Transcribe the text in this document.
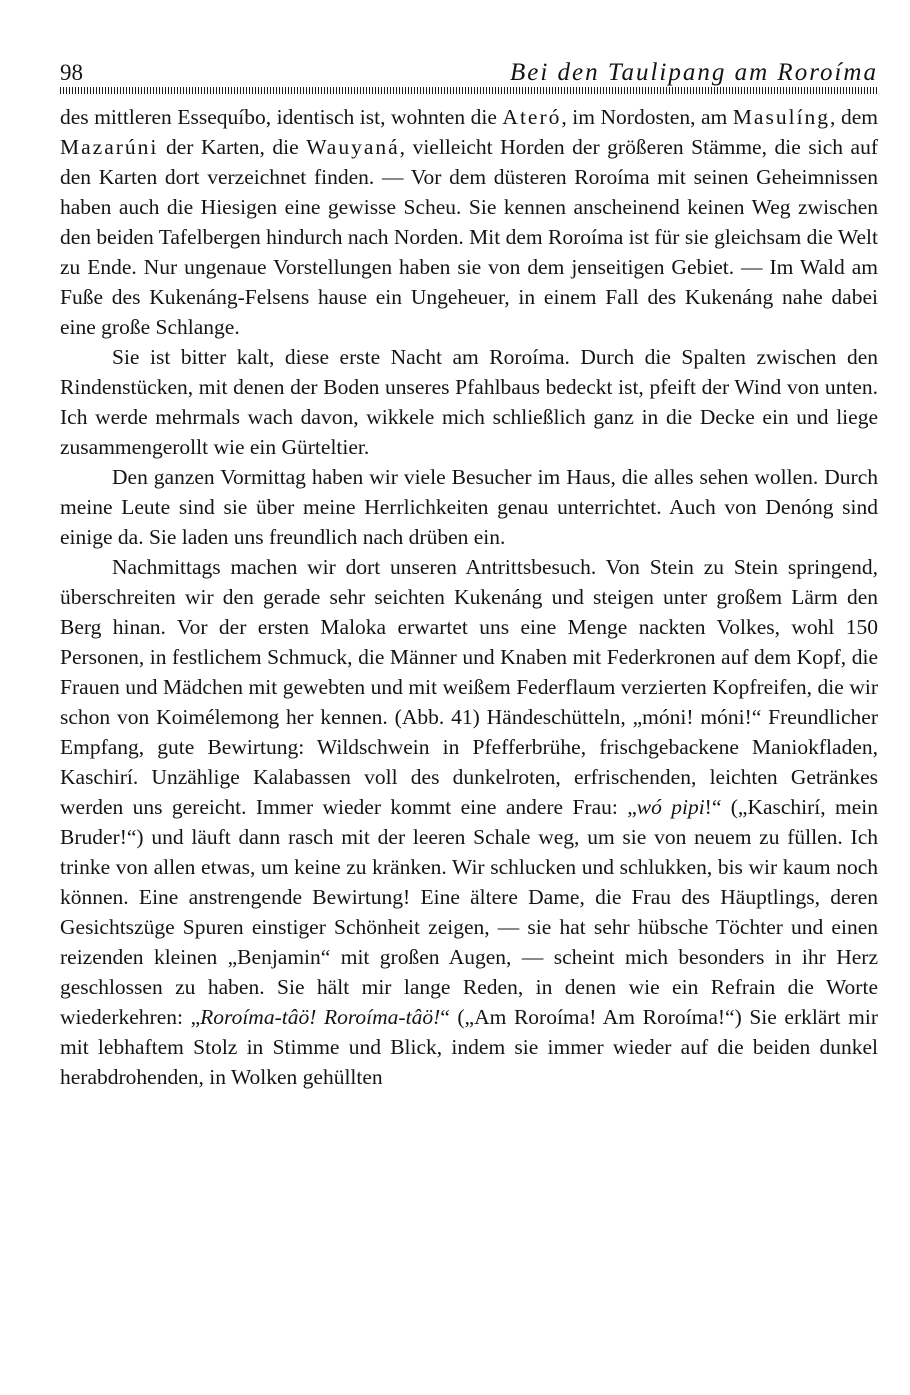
98	Bei den Taulipang am Roroíma

des mittleren Essequíbo, identisch ist, wohnten die Ateró, im Nordosten, am Masulíng, dem Mazarúni der Karten, die Wauyaná, vielleicht Horden der größeren Stämme, die sich auf den Karten dort verzeichnet finden. — Vor dem düsteren Roroíma mit seinen Geheimnissen haben auch die Hiesigen eine gewisse Scheu. Sie kennen anscheinend keinen Weg zwischen den beiden Tafelbergen hindurch nach Norden. Mit dem Roroíma ist für sie gleichsam die Welt zu Ende. Nur ungenaue Vorstellungen haben sie von dem jenseitigen Gebiet. — Im Wald am Fuße des Kukenáng-Felsens hause ein Ungeheuer, in einem Fall des Kukenáng nahe dabei eine große Schlange.

Sie ist bitter kalt, diese erste Nacht am Roroíma. Durch die Spalten zwischen den Rindenstücken, mit denen der Boden unseres Pfahlbaus bedeckt ist, pfeift der Wind von unten. Ich werde mehrmals wach davon, wikkele mich schließlich ganz in die Decke ein und liege zusammengerollt wie ein Gürteltier.

Den ganzen Vormittag haben wir viele Besucher im Haus, die alles sehen wollen. Durch meine Leute sind sie über meine Herrlichkeiten genau unterrichtet. Auch von Denóng sind einige da. Sie laden uns freundlich nach drüben ein.

Nachmittags machen wir dort unseren Antrittsbesuch. Von Stein zu Stein springend, überschreiten wir den gerade sehr seichten Kukenáng und steigen unter großem Lärm den Berg hinan. Vor der ersten Maloka erwartet uns eine Menge nackten Volkes, wohl 150 Personen, in festlichem Schmuck, die Männer und Knaben mit Federkronen auf dem Kopf, die Frauen und Mädchen mit gewebten und mit weißem Federflaum verzierten Kopfreifen, die wir schon von Koimélemong her kennen. (Abb. 41) Händeschütteln, „móni! móni!“ Freundlicher Empfang, gute Bewirtung: Wildschwein in Pfefferbrühe, frischgebackene Maniokfladen, Kaschirí. Unzählige Kalabassen voll des dunkelroten, erfrischenden, leichten Getränkes werden uns gereicht. Immer wieder kommt eine andere Frau: „wó pipi!“ („Kaschirí, mein Bruder!“) und läuft dann rasch mit der leeren Schale weg, um sie von neuem zu füllen. Ich trinke von allen etwas, um keine zu kränken. Wir schlucken und schlukken, bis wir kaum noch können. Eine anstrengende Bewirtung! Eine ältere Dame, die Frau des Häuptlings, deren Gesichtszüge Spuren einstiger Schönheit zeigen, — sie hat sehr hübsche Töchter und einen reizenden kleinen „Benjamin“ mit großen Augen, — scheint mich besonders in ihr Herz geschlossen zu haben. Sie hält mir lange Reden, in denen wie ein Refrain die Worte wiederkehren: „Roroíma-tâö! Roroíma-tâö!“ („Am Roroíma! Am Roroíma!“) Sie erklärt mir mit lebhaftem Stolz in Stimme und Blick, indem sie immer wieder auf die beiden dunkel herabdrohenden, in Wolken gehüllten
